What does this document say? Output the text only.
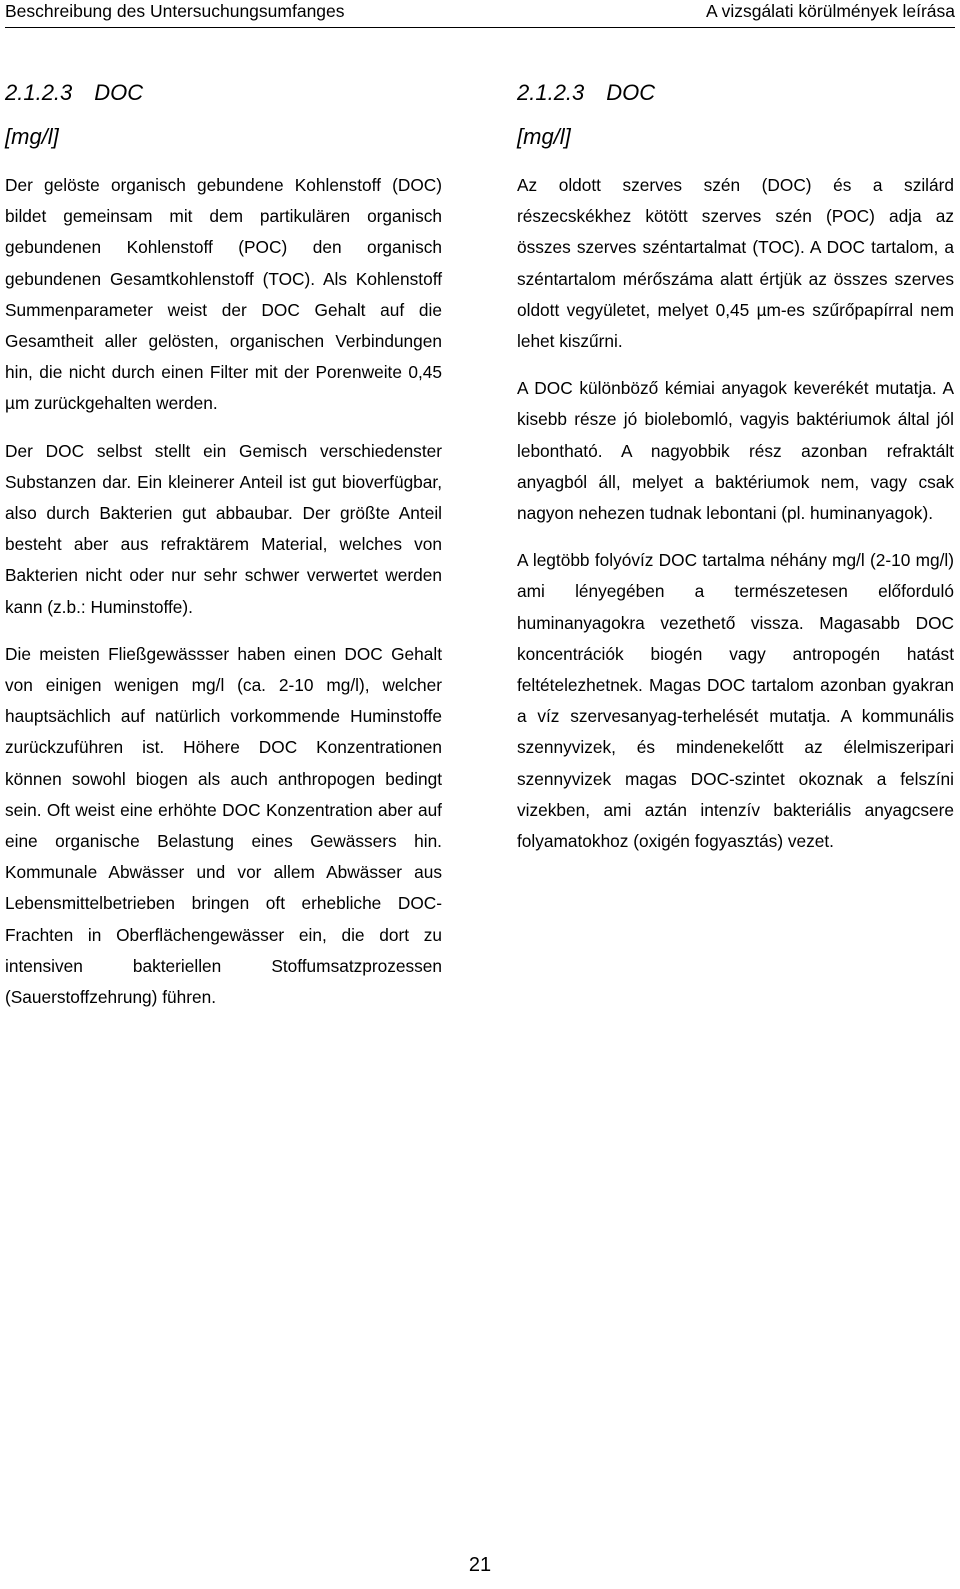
Beschreibung des Untersuchungsumfanges	A vizsgálati körülmények leírása
2.1.2.3 DOC
[mg/l]

Der gelöste organisch gebundene Kohlenstoff (DOC) bildet gemeinsam mit dem partikulären organisch gebundenen Kohlenstoff (POC) den organisch gebundenen Gesamtkohlenstoff (TOC). Als Kohlenstoff Summenparameter weist der DOC Gehalt auf die Gesamtheit aller gelösten, organischen Verbindungen hin, die nicht durch einen Filter mit der Porenweite 0,45 µm zurückgehalten werden.

Der DOC selbst stellt ein Gemisch verschiedenster Substanzen dar. Ein kleinerer Anteil ist gut bioverfügbar, also durch Bakterien gut abbaubar. Der größte Anteil besteht aber aus refraktärem Material, welches von Bakterien nicht oder nur sehr schwer verwertet werden kann (z.b.: Huminstoffe).

Die meisten Fließgewässser haben einen DOC Gehalt von einigen wenigen mg/l (ca. 2-10 mg/l), welcher hauptsächlich auf natürlich vorkommende Huminstoffe zurückzuführen ist. Höhere DOC Konzentrationen können sowohl biogen als auch anthropogen bedingt sein. Oft weist eine erhöhte DOC Konzentration aber auf eine organische Belastung eines Gewässers hin. Kommunale Abwässer und vor allem Abwässer aus Lebensmittelbetrieben bringen oft erhebliche DOC- Frachten in Oberflächengewässer ein, die dort zu intensiven bakteriellen Stoffumsatzprozessen (Sauerstoffzehrung) führen.

2.1.2.3 DOC
[mg/l]

Az oldott szerves szén (DOC) és a szilárd részecskékhez kötött szerves szén (POC) adja az összes szerves széntartalmat (TOC). A DOC tartalom, a széntartalom mérőszáma alatt értjük az összes szerves oldott vegyületet, melyet 0,45 µm-es szűrőpapírral nem lehet kiszűrni.

A DOC különböző kémiai anyagok keverékét mutatja. A kisebb része jó biolebomló, vagyis baktériumok által jól lebontható. A nagyobbik rész azonban refraktált anyagból áll, melyet a baktériumok nem, vagy csak nagyon nehezen tudnak lebontani (pl. huminanyagok).

A legtöbb folyóvíz DOC tartalma néhány mg/l (2-10 mg/l) ami lényegében a természetesen előforduló huminanyagokra vezethető vissza. Magasabb DOC koncentrációk biogén vagy antropogén hatást feltételezhetnek. Magas DOC tartalom azonban gyakran a víz szervesanyag-terhelését mutatja. A kommunális szennyvizek, és mindenekelőtt az élelmiszeripari szennyvizek magas DOC-szintet okoznak a felszíni vizekben, ami aztán intenzív bakteriális anyagcsere folyamatokhoz (oxigén fogyasztás) vezet.

21
